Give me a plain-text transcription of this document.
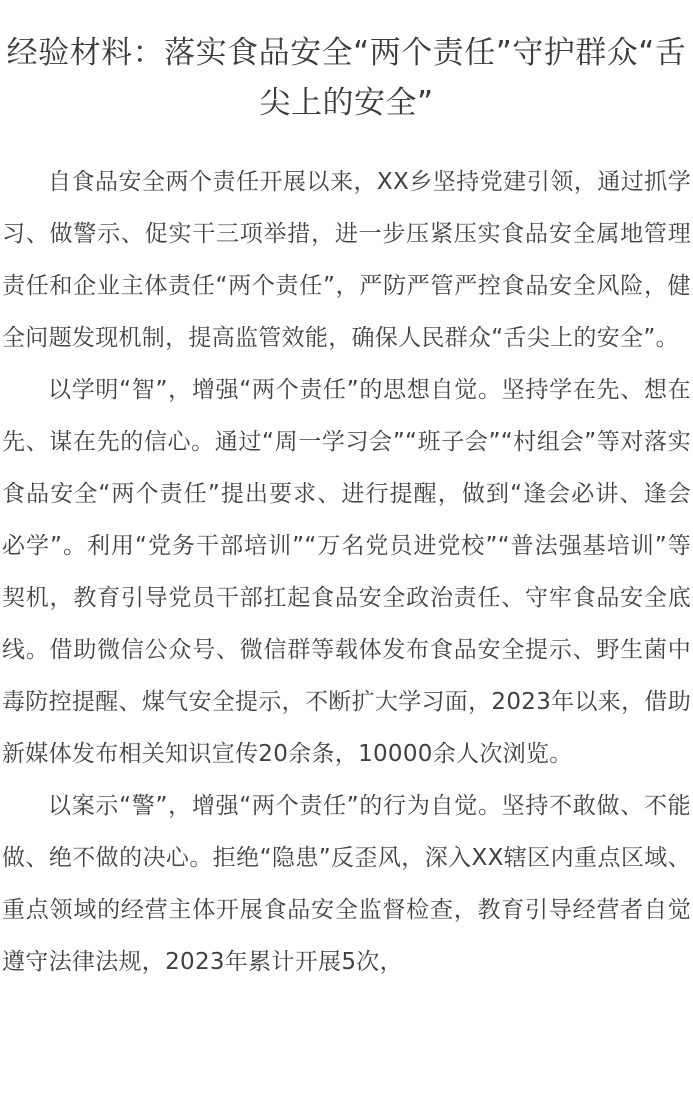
经验材料：落实食品安全“两个责任”守护群众“舌尖上的安全”

自食品安全两个责任开展以来，XX乡坚持党建引领，通过抓学习、做警示、促实干三项举措，进一步压紧压实食品安全属地管理责任和企业主体责任“两个责任”，严防严管严控食品安全风险，健全问题发现机制，提高监管效能，确保人民群众“舌尖上的安全”。

以学明“智”，增强“两个责任”的思想自觉。坚持学在先、想在先、谋在先的信心。通过“周一学习会”“班子会”“村组会”等对落实食品安全“两个责任”提出要求、进行提醒，做到“逢会必讲、逢会必学”。利用“党务干部培训”“万名党员进党校”“普法强基培训”等契机，教育引导党员干部扛起食品安全政治责任、守牢食品安全底线。借助微信公众号、微信群等载体发布食品安全提示、野生菌中毒防控提醒、煤气安全提示，不断扩大学习面，2023年以来，借助新媒体发布相关知识宣传20余条，10000余人次浏览。

以案示“警”，增强“两个责任”的行为自觉。坚持不敢做、不能做、绝不做的决心。拒绝“隐患”反歪风，深入XX辖区内重点区域、重点领域的经营主体开展食品安全监督检查，教育引导经营者自觉遵守法律法规，2023年累计开展5次，
